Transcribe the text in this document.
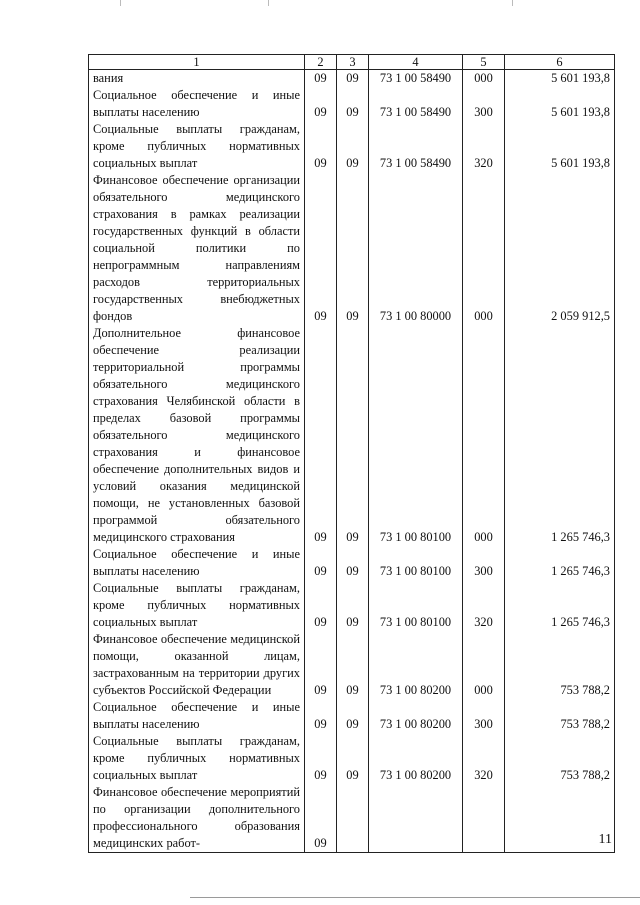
1	2	3	4	5	6
вания	09	09	73 1 00 58490	000	5 601 193,8
Социальное обеспечение и иные выплаты населению	09	09	73 1 00 58490	300	5 601 193,8
Социальные выплаты гражданам, кроме публичных нормативных социальных выплат	09	09	73 1 00 58490	320	5 601 193,8
Финансовое обеспечение организации обязательного медицинского страхования в рамках реализации государственных функций в области социальной политики по непрограммным направлениям расходов территориальных государственных внебюджетных фондов	09	09	73 1 00 80000	000	2 059 912,5
Дополнительное финансовое обеспечение реализации территориальной программы обязательного медицинского страхования Челябинской области в пределах базовой программы обязательного медицинского страхования и финансовое обеспечение дополнительных видов и условий оказания медицинской помощи, не установленных базовой программой обязательного медицинского страхования	09	09	73 1 00 80100	000	1 265 746,3
Социальное обеспечение и иные выплаты населению	09	09	73 1 00 80100	300	1 265 746,3
Социальные выплаты гражданам, кроме публичных нормативных социальных выплат	09	09	73 1 00 80100	320	1 265 746,3
Финансовое обеспечение медицинской помощи, оказанной лицам, застрахованным на территории других субъектов Российской Федерации	09	09	73 1 00 80200	000	753 788,2
Социальное обеспечение и иные выплаты населению	09	09	73 1 00 80200	300	753 788,2
Социальные выплаты гражданам, кроме публичных нормативных социальных выплат	09	09	73 1 00 80200	320	753 788,2
Финансовое обеспечение мероприятий по организации дополнительного профессионального образования медицинских работ-	09					11
